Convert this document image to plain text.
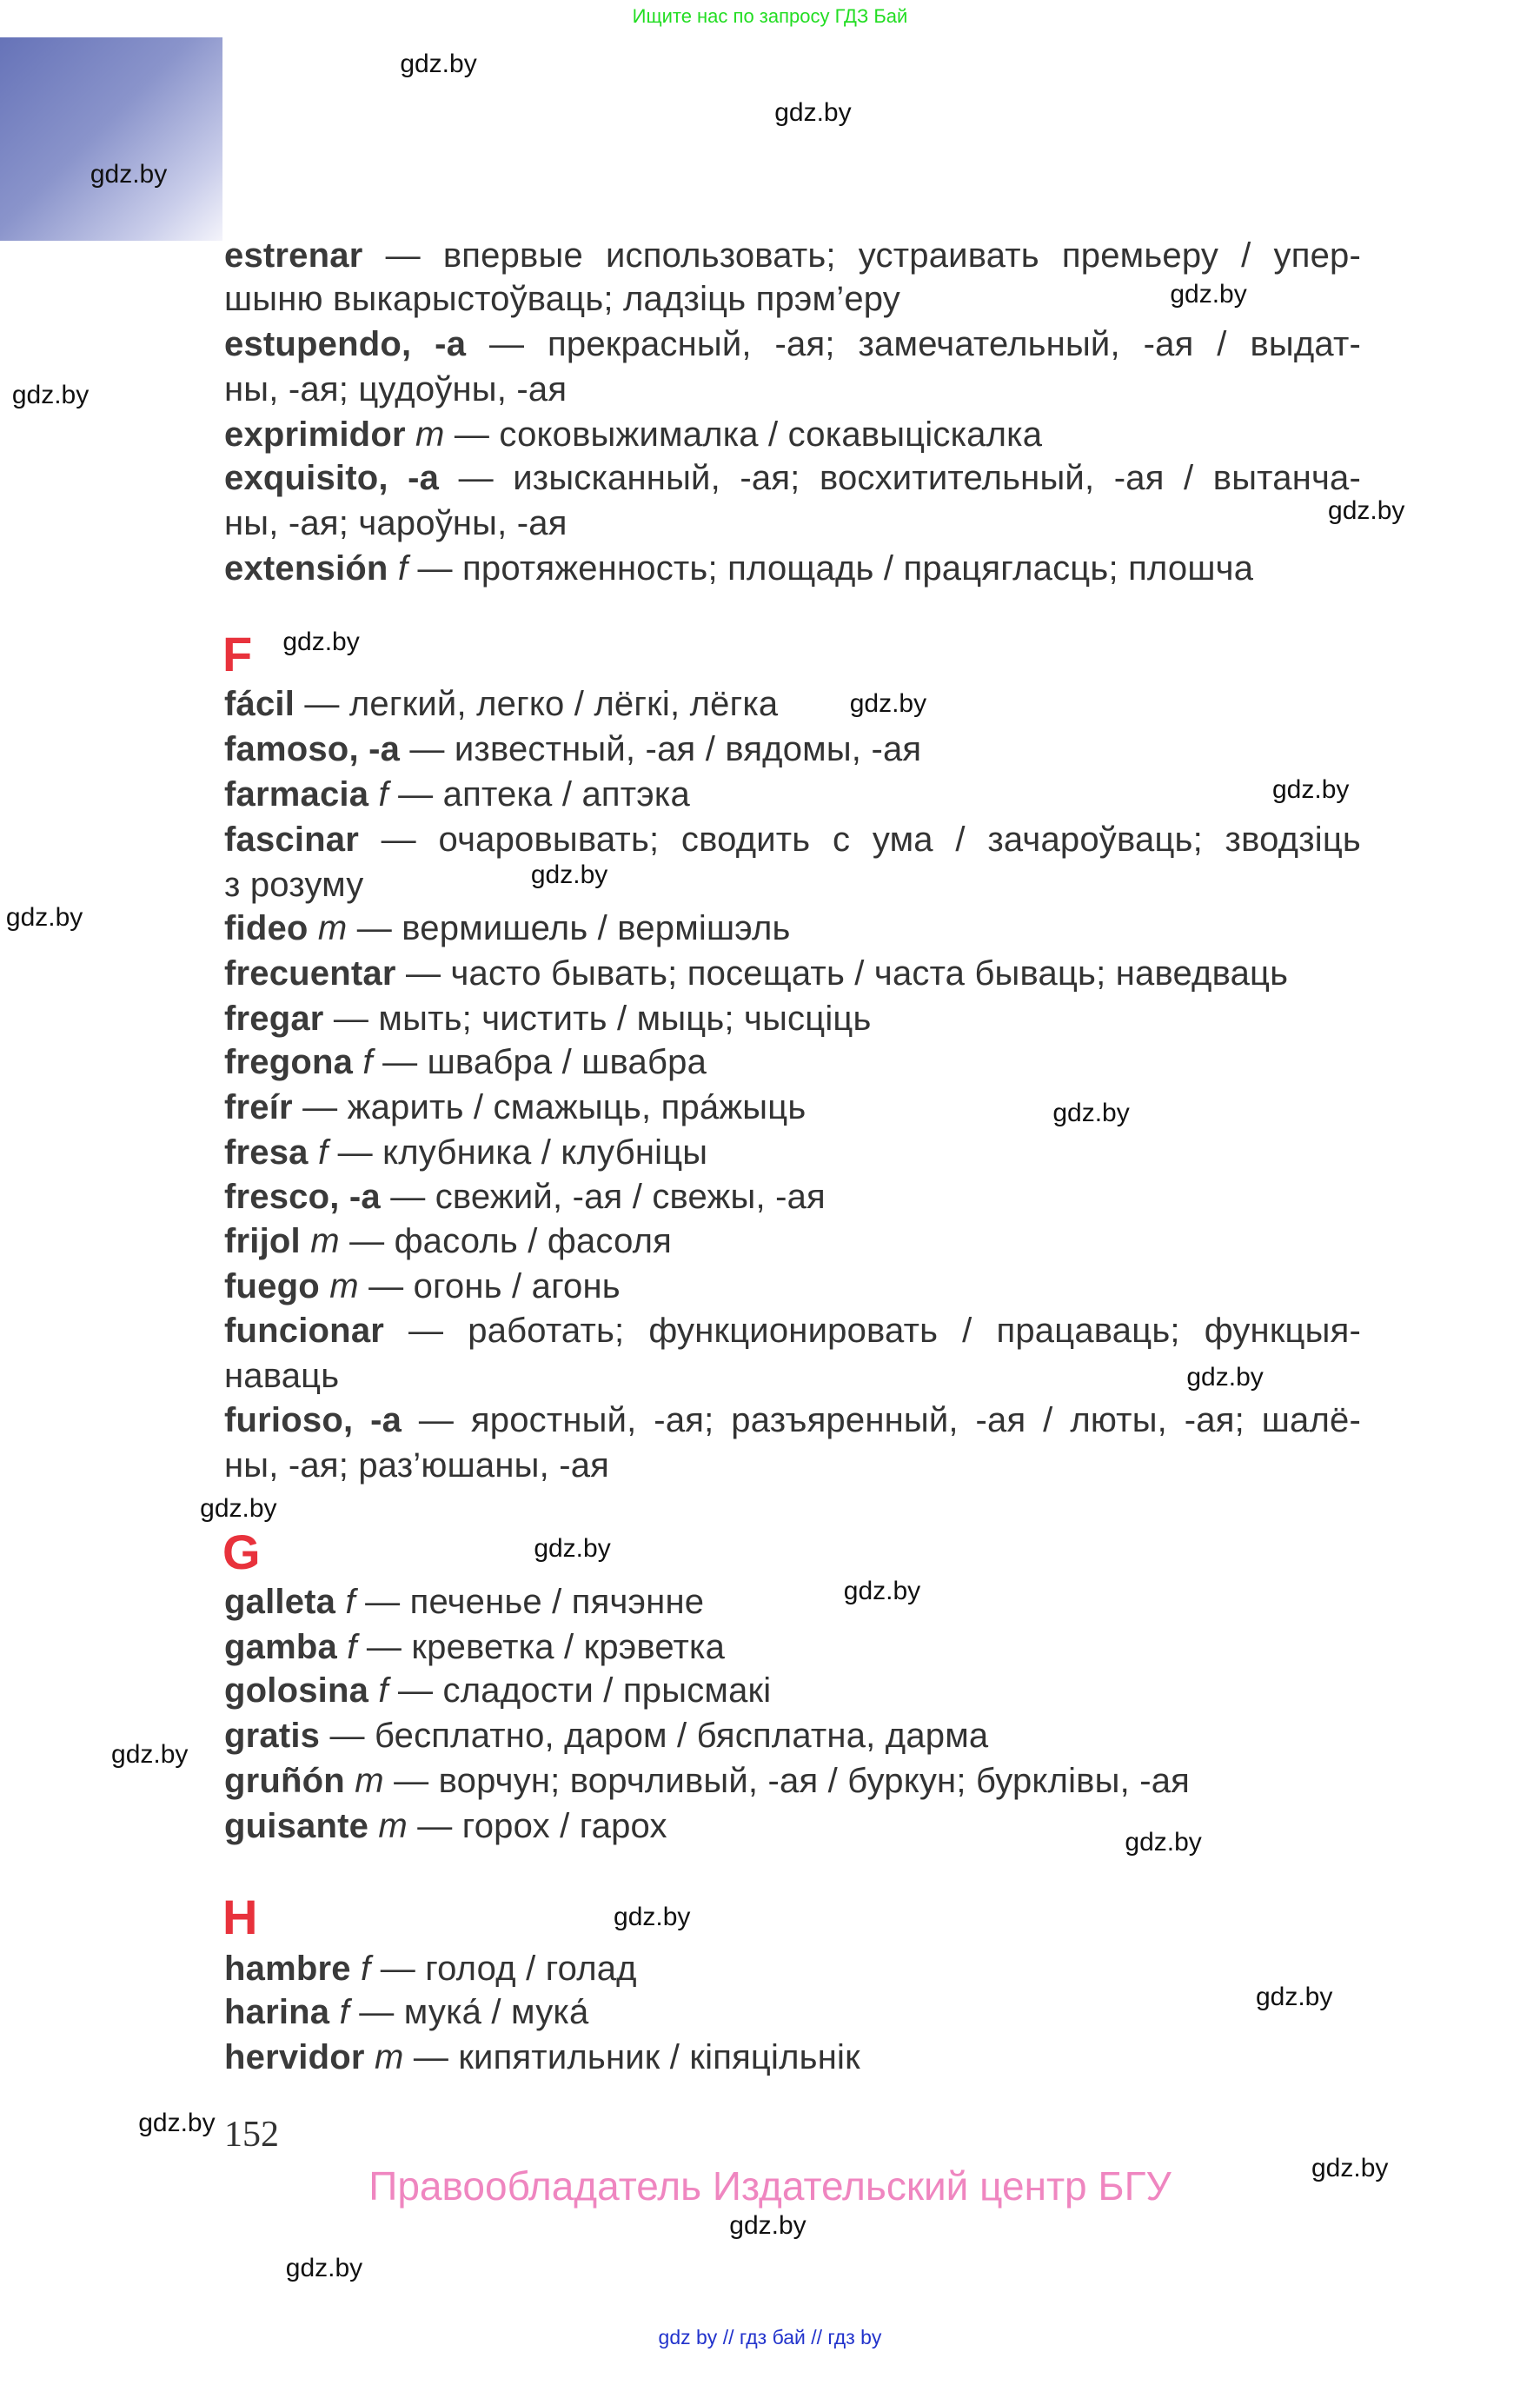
Ищите нас по запросу ГДЗ Бай
estrenar — впервые использовать; устраивать премьеру / упер-
шыню выкарыстоўваць; ладзіць прэм’еру
estupendo, -a — прекрасный, -ая; замечательный, -ая / выдат-
ны, -ая; цудоўны, -ая
exprimidor m — соковыжималка / сокавыціскалка
exquisito, -a — изысканный, -ая; восхитительный, -ая / вытанча-
ны, -ая; чароўны, -ая
extensión f — протяженность; площадь / працягласць; плошча
F
fácil — легкий, легко / лёгкі, лёгка
famoso, -a — известный, -ая / вядомы, -ая
farmacia f — аптека / аптэка
fascinar — очаровывать; сводить с ума / зачароўваць; зводзіць
з розуму
fideo m — вермишель / вермішэль
frecuentar — часто бывать; посещать / часта бываць; наведваць
fregar — мыть; чистить / мыць; чысціць
fregona f — швабра / швабра
freír — жарить / смажыць, пра́жыць
fresa f — клубника / клубніцы
fresco, -a — свежий, -ая / свежы, -ая
frijol m — фасоль / фасоля
fuego m — огонь / агонь
funcionar — работать; функционировать / працаваць; функцыя-
наваць
furioso, -a — яростный, -ая; разъяренный, -ая / люты, -ая; шалё-
ны, -ая; раз’юшаны, -ая
G
galleta f — печенье / пячэнне
gamba f — креветка / крэветка
golosina f — сладости / прысмакі
gratis — бесплатно, даром / бясплатна, дарма
gruñón m — ворчун; ворчливый, -ая / буркун; бурклівы, -ая
guisante m — горох / гарох
H
hambre f — голод / голад
harina f — мука́ / мука́
hervidor m — кипятильник / кіпяцільнік
gdz.by
gdz.by
gdz.by
gdz.by
gdz.by
gdz.by
gdz.by
gdz.by
gdz.by
gdz.by
gdz.by
gdz.by
gdz.by
gdz.by
gdz.by
gdz.by
gdz.by
gdz.by
gdz.by
gdz.by
gdz.by
gdz.by
gdz.by
gdz.by
152
Правообладатель Издательский центр БГУ
gdz by // гдз бай // гдз by
